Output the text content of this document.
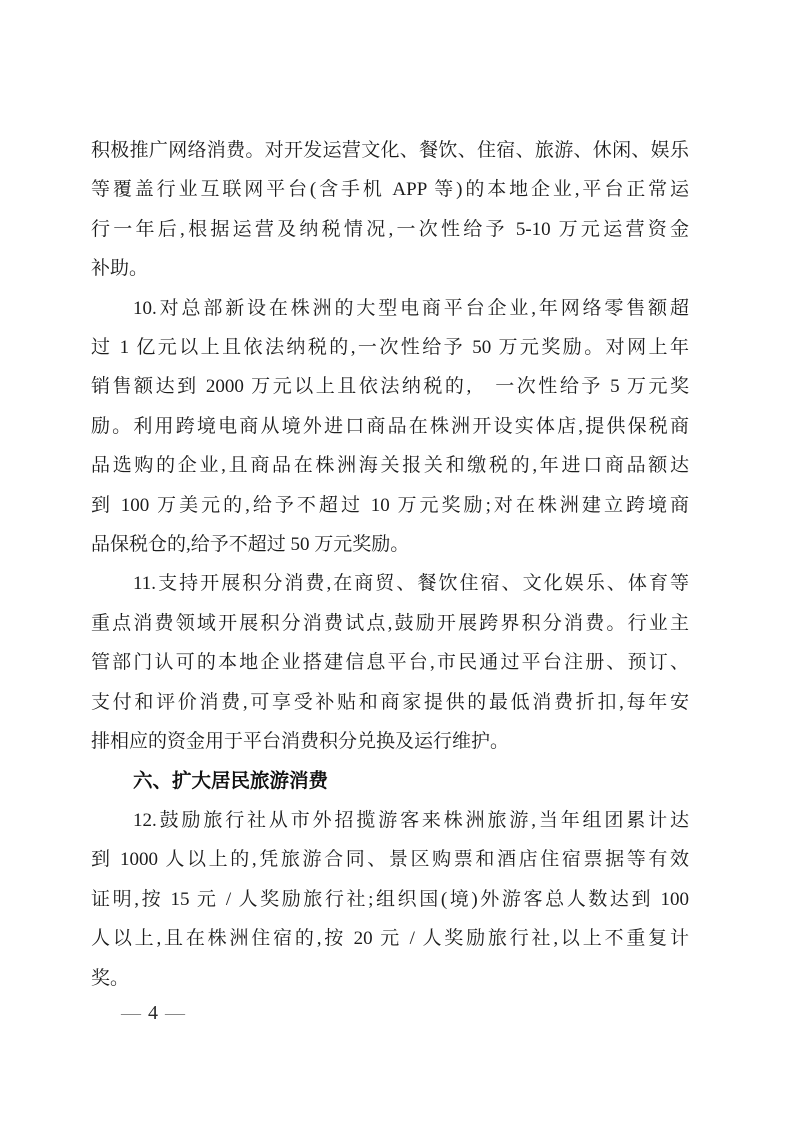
积极推广网络消费。对开发运营文化、餐饮、住宿、旅游、休闲、娱乐
等覆盖行业互联网平台(含手机 APP 等)的本地企业,平台正常运
行一年后,根据运营及纳税情况,一次性给予 5-10 万元运营资金
补助。
10.对总部新设在株洲的大型电商平台企业,年网络零售额超
过 1 亿元以上且依法纳税的,一次性给予 50 万元奖励。对网上年
销售额达到 2000 万元以上且依法纳税的,　一次性给予 5 万元奖
励。利用跨境电商从境外进口商品在株洲开设实体店,提供保税商
品选购的企业,且商品在株洲海关报关和缴税的,年进口商品额达
到 100 万美元的,给予不超过 10 万元奖励;对在株洲建立跨境商
品保税仓的,给予不超过 50 万元奖励。
11.支持开展积分消费,在商贸、餐饮住宿、文化娱乐、体育等
重点消费领域开展积分消费试点,鼓励开展跨界积分消费。行业主
管部门认可的本地企业搭建信息平台,市民通过平台注册、预订、
支付和评价消费,可享受补贴和商家提供的最低消费折扣,每年安
排相应的资金用于平台消费积分兑换及运行维护。
六、扩大居民旅游消费
12.鼓励旅行社从市外招揽游客来株洲旅游,当年组团累计达
到 1000 人以上的,凭旅游合同、景区购票和酒店住宿票据等有效
证明,按 15 元 / 人奖励旅行社;组织国(境)外游客总人数达到 100
人以上,且在株洲住宿的,按 20 元 / 人奖励旅行社,以上不重复计
奖。
— 4 —
